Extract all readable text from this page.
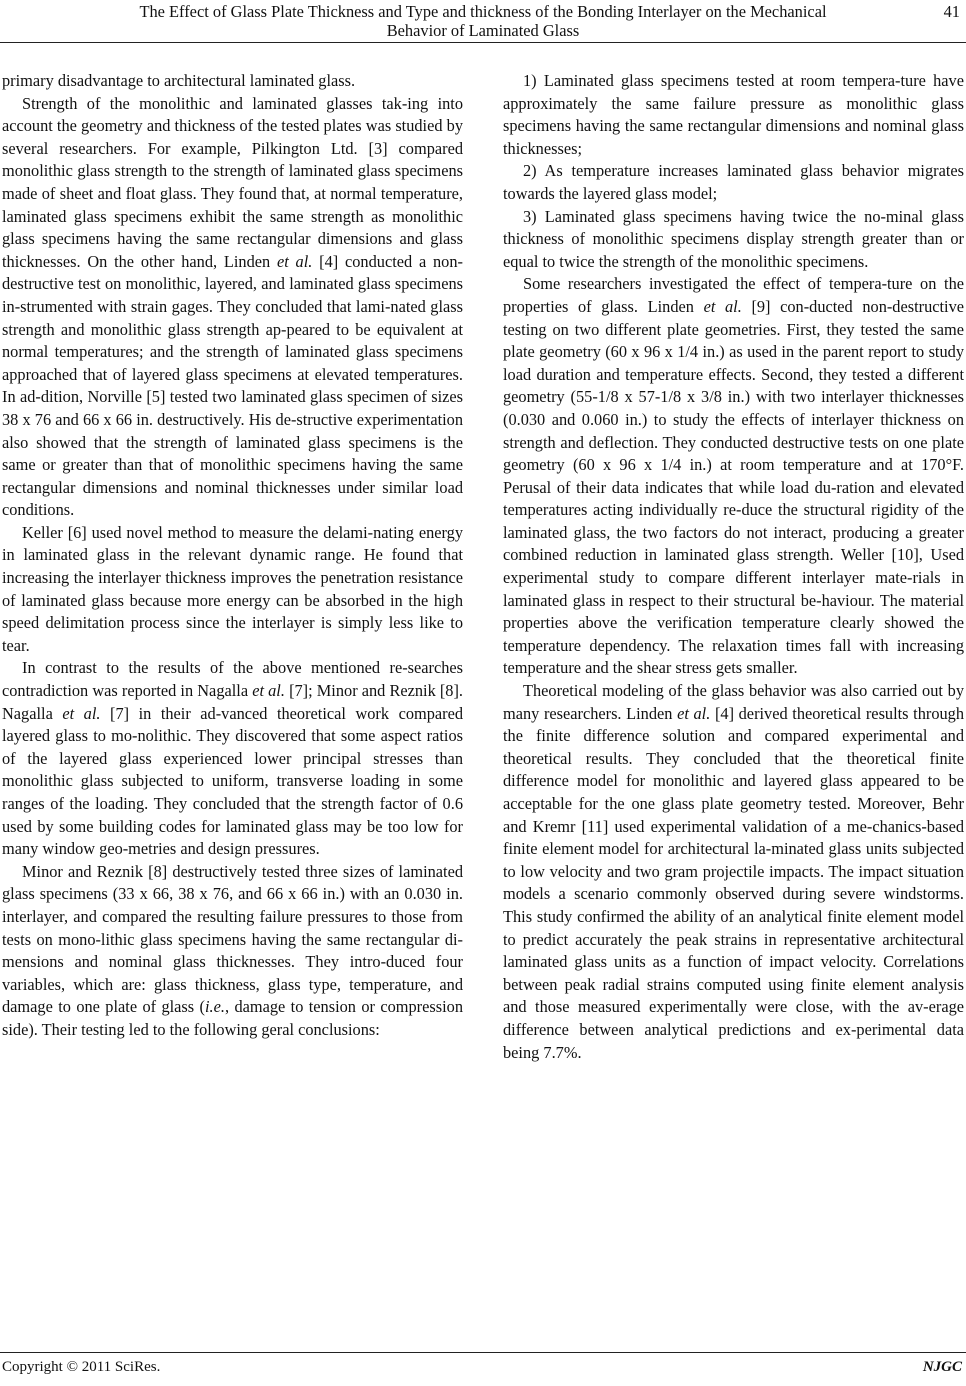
The Effect of Glass Plate Thickness and Type and thickness of the Bonding Interlayer on the Mechanical
Behavior of Laminated Glass
41

primary disadvantage to architectural laminated glass.

Strength of the monolithic and laminated glasses tak-ing into account the geometry and thickness of the tested plates was studied by several researchers. For example, Pilkington Ltd. [3] compared monolithic glass strength to the strength of laminated glass specimens made of sheet and float glass. They found that, at normal temperature, laminated glass specimens exhibit the same strength as monolithic glass specimens having the same rectangular dimensions and glass thicknesses. On the other hand, Linden et al. [4] conducted a non-destructive test on monolithic, layered, and laminated glass specimens in-strumented with strain gages. They concluded that lami-nated glass strength and monolithic glass strength ap-peared to be equivalent at normal temperatures; and the strength of laminated glass specimens approached that of layered glass specimens at elevated temperatures. In ad-dition, Norville [5] tested two laminated glass specimen of sizes 38 x 76 and 66 x 66 in. destructively. His de-structive experimentation also showed that the strength of laminated glass specimens is the same or greater than that of monolithic specimens having the same rectangular dimensions and nominal thicknesses under similar load conditions.

Keller [6] used novel method to measure the delami-nating energy in laminated glass in the relevant dynamic range. He found that increasing the interlayer thickness improves the penetration resistance of laminated glass because more energy can be absorbed in the high speed delimitation process since the interlayer is simply less like to tear.

In contrast to the results of the above mentioned re-searches contradiction was reported in Nagalla et al. [7]; Minor and Reznik [8]. Nagalla et al. [7] in their ad-vanced theoretical work compared layered glass to mo-nolithic. They discovered that some aspect ratios of the layered glass experienced lower principal stresses than monolithic glass subjected to uniform, transverse loading in some ranges of the loading. They concluded that the strength factor of 0.6 used by some building codes for laminated glass may be too low for many window geo-metries and design pressures.

Minor and Reznik [8] destructively tested three sizes of laminated glass specimens (33 x 66, 38 x 76, and 66 x 66 in.) with an 0.030 in. interlayer, and compared the resulting failure pressures to those from tests on mono-lithic glass specimens having the same rectangular di-mensions and nominal glass thicknesses. They intro-duced four variables, which are: glass thickness, glass type, temperature, and damage to one plate of glass (i.e., damage to tension or compression side). Their testing led to the following geral conclusions:

1) Laminated glass specimens tested at room tempera-ture have approximately the same failure pressure as monolithic glass specimens having the same rectangular dimensions and nominal glass thicknesses;

2) As temperature increases laminated glass behavior migrates towards the layered glass model;

3) Laminated glass specimens having twice the no-minal glass thickness of monolithic specimens display strength greater than or equal to twice the strength of the monolithic specimens.

Some researchers investigated the effect of tempera-ture on the properties of glass. Linden et al. [9] con-ducted non-destructive testing on two different plate geometries. First, they tested the same plate geometry (60 x 96 x 1/4 in.) as used in the parent report to study load duration and temperature effects. Second, they tested a different geometry (55-1/8 x 57-1/8 x 3/8 in.) with two interlayer thicknesses (0.030 and 0.060 in.) to study the effects of interlayer thickness on strength and deflection. They conducted destructive tests on one plate geometry (60 x 96 x 1/4 in.) at room temperature and at 170°F. Perusal of their data indicates that while load du-ration and elevated temperatures acting individually re-duce the structural rigidity of the laminated glass, the two factors do not interact, producing a greater combined reduction in laminated glass strength. Weller [10], Used experimental study to compare different interlayer mate-rials in laminated glass in respect to their structural be-haviour. The material properties above the verification temperature clearly showed the temperature dependency. The relaxation times fall with increasing temperature and the shear stress gets smaller.

Theoretical modeling of the glass behavior was also carried out by many researchers. Linden et al. [4] derived theoretical results through the finite difference solution and compared experimental and theoretical results. They concluded that the theoretical finite difference model for monolithic and layered glass appeared to be acceptable for the one glass plate geometry tested. Moreover, Behr and Kremr [11] used experimental validation of a me-chanics-based finite element model for architectural la-minated glass units subjected to low velocity and two gram projectile impacts. The impact situation models a scenario commonly observed during severe windstorms. This study confirmed the ability of an analytical finite element model to predict accurately the peak strains in representative architectural laminated glass units as a function of impact velocity. Correlations between peak radial strains computed using finite element analysis and those measured experimentally were close, with the av-erage difference between analytical predictions and ex-perimental data being 7.7%.

Copyright © 2011 SciRes.	NJGC
